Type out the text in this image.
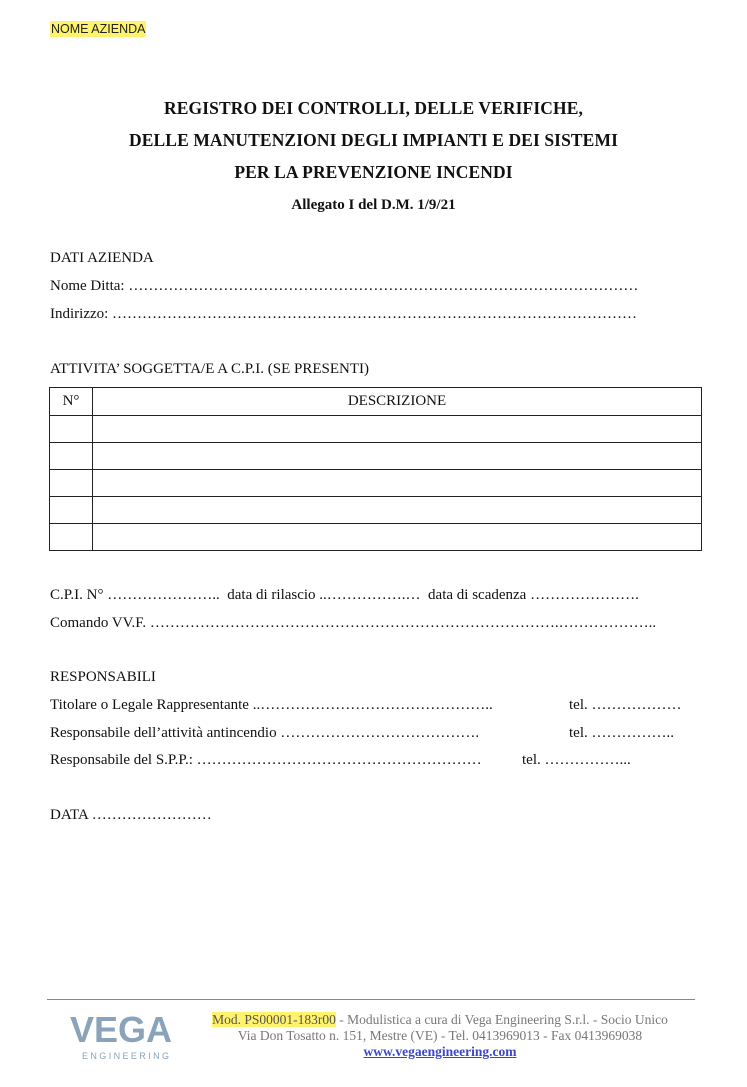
NOME AZIENDA
REGISTRO DEI CONTROLLI, DELLE VERIFICHE,
DELLE MANUTENZIONI DEGLI IMPIANTI E DEI SISTEMI
PER LA PREVENZIONE INCENDI
Allegato I del D.M. 1/9/21
DATI AZIENDA
Nome Ditta: …………………………………………………………………………………………
Indirizzo: ……………………………………………………………………………………………
ATTIVITA’ SOGGETTA/E A C.P.I. (SE PRESENTI)
N°	DESCRIZIONE

C.P.I. N° …………………..  data di rilascio ..…………….…  data di scadenza ………………….
Comando VV.F. ……………………………………………………………………….………………..
RESPONSABILI
Titolare o Legale Rappresentante ..………………………………………..	tel. ………………
Responsabile dell’attività antincendio ………………………………….	tel. ……………..
Responsabile del S.P.P.: …………………………………………………	tel. ……………...
DATA ……………………
VEGA
ENGINEERING
Mod. PS00001-183r00 - Modulistica a cura di Vega Engineering S.r.l. - Socio Unico
Via Don Tosatto n. 151, Mestre (VE) - Tel. 0413969013 - Fax 0413969038
www.vegaengineering.com
